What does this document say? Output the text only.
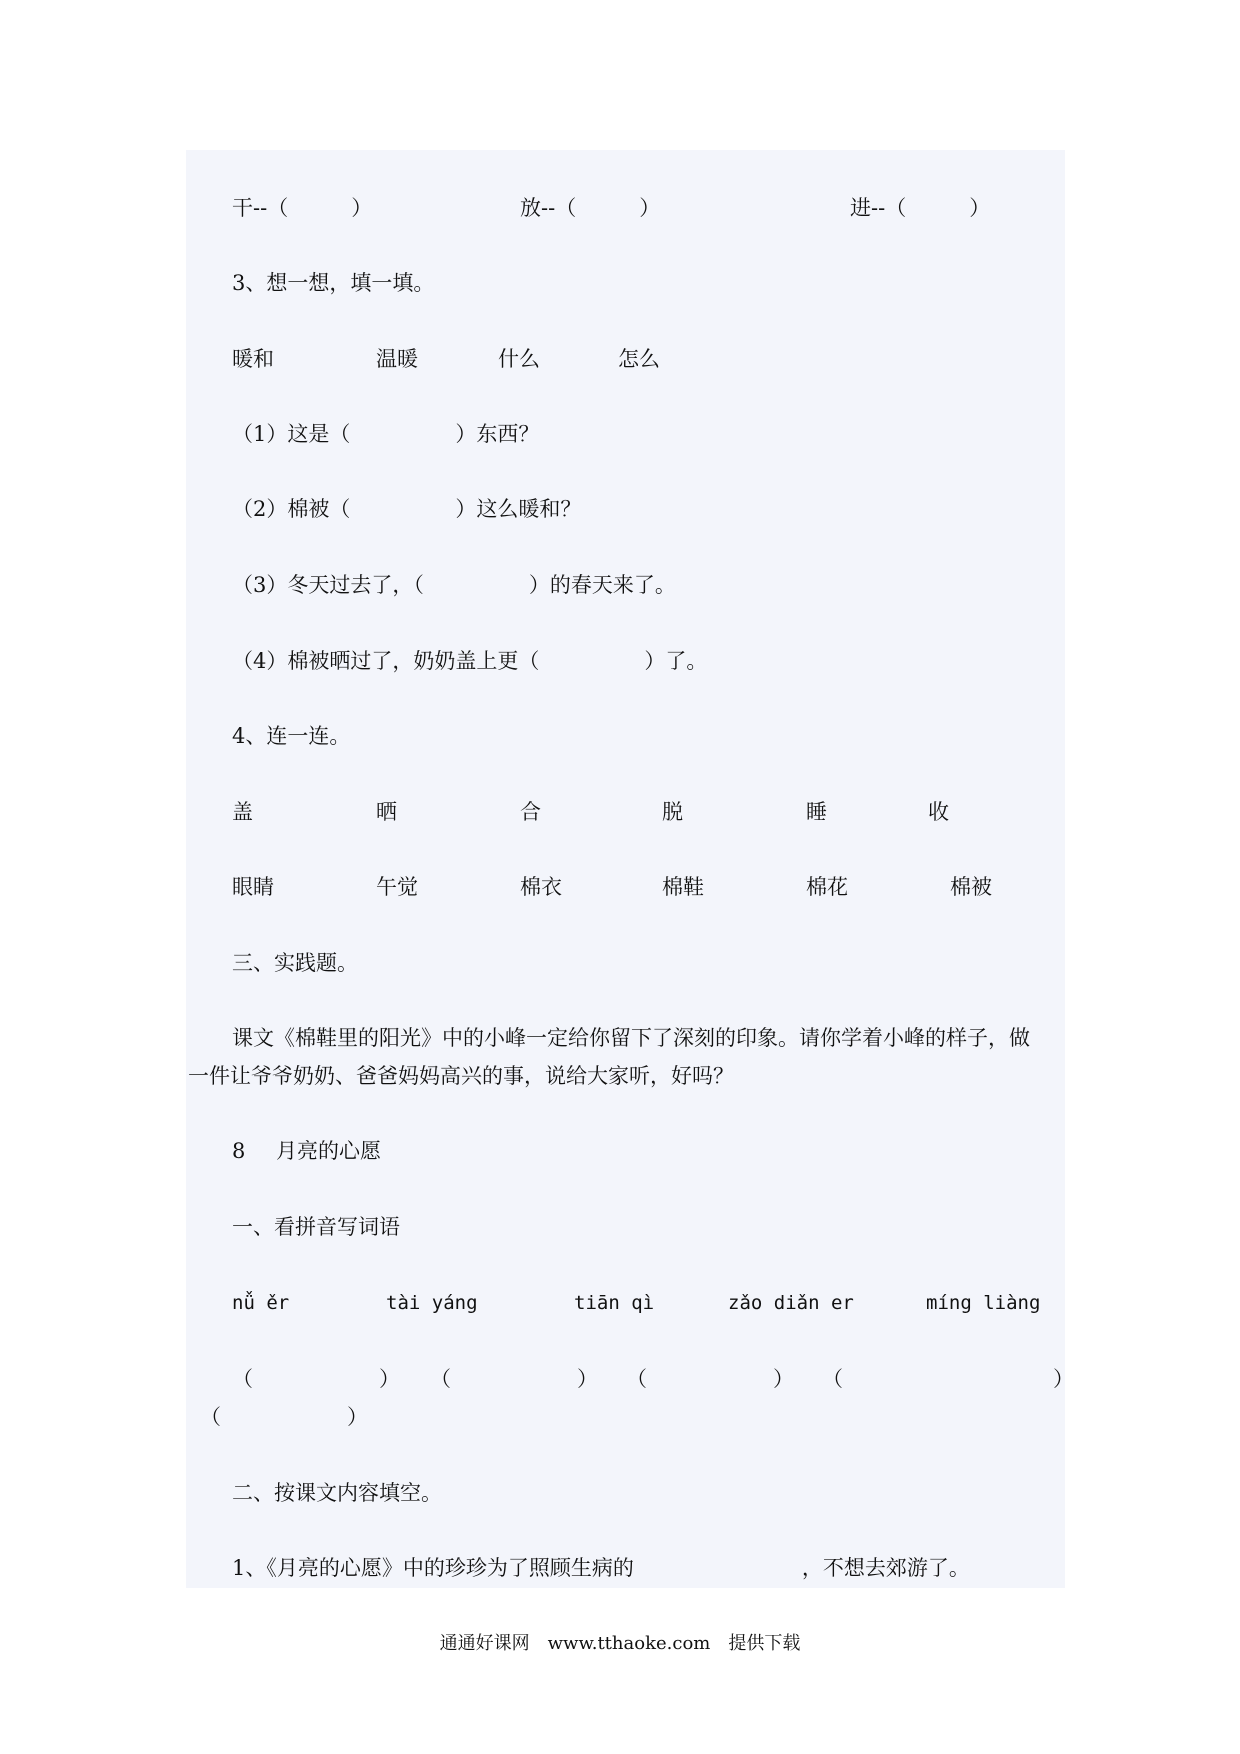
干--（　　　）	放--（　　　）	进--（　　　）
3、想一想，填一填。
暖和	温暖	什么	怎么
（1）这是（　　　　　）东西？
（2）棉被（　　　　　）这么暖和？
（3）冬天过去了，（　　　　　）的春天来了。
（4）棉被晒过了，奶奶盖上更（　　　　　）了。
4、连一连。
盖	晒	合	脱	睡	收
眼睛	午觉	棉衣	棉鞋	棉花	棉被
三、实践题。
课文《棉鞋里的阳光》中的小峰一定给你留下了深刻的印象。请你学着小峰的样子，做
一件让爷爷奶奶、爸爸妈妈高兴的事，说给大家听，好吗？
8 月亮的心愿
一、看拼音写词语
nǚ ěr	tài yáng	tiān qì	zǎo diǎn er	míng liàng
（　　　　　　） （　　　　　　） （　　　　　　） （　　　　　　　　　　）
（　　　　　　）
二、按课文内容填空。
1、《月亮的心愿》中的珍珍为了照顾生病的　　　　　　　　，不想去郊游了。
通通好课网　www.tthaoke.com　提供下载
